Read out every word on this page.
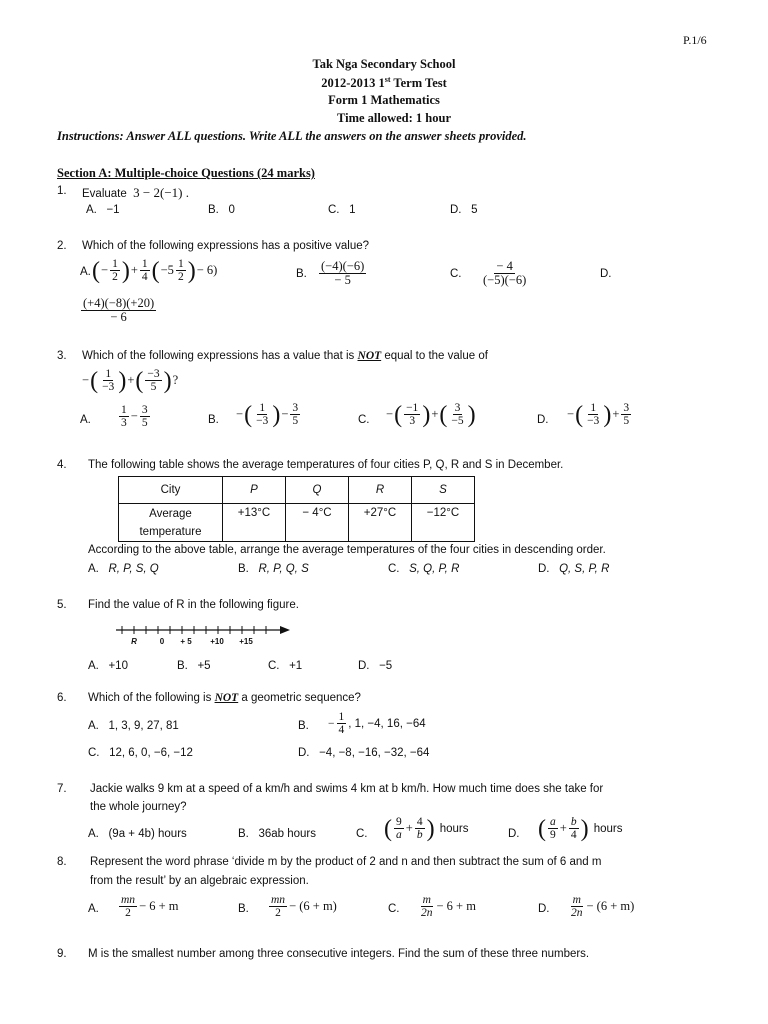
P.1/6
Tak Nga Secondary School
2012-2013 1st Term Test
Form 1 Mathematics
Time allowed: 1 hour
Instructions: Answer ALL questions. Write ALL the answers on the answer sheets provided.
Section A: Multiple-choice Questions (24 marks)
1. Evaluate 3 − 2(−1) .
A. −1	B. 0	C. 1	D. 5
2. Which of the following expressions has a positive value?
A. ( − $\frac{1}{2}$ ) + $\frac{1}{4}$ ( $-5 \frac{1}{2}$ ) − 6)	B. $\frac{(-4)(-6)}{- 5}$	C. $\frac{- 4}{(-5)(-6)}$	D.
$\frac{(+4)(-8)(+20)}{- 6}$
3. Which of the following expressions has a value that is NOT equal to the value of
− ( $\frac{1}{-3}$ ) + ( $\frac{-3}{5}$ ) ?
A. $\frac{1}{3} - \frac{3}{5}$	B. − ( $\frac{1}{-3}$ ) − $\frac{3}{5}$	C. − ( $\frac{-1}{3}$ ) + ( $\frac{3}{-5}$ )	D. − ( $\frac{1}{-3}$ ) + $\frac{3}{5}$
4. The following table shows the average temperatures of four cities P, Q, R and S in December.
City	P	Q	R	S
Average
temperature	+13°C	− 4°C	+27°C	−12°C
According to the above table, arrange the average temperatures of the four cities in descending order.
A. R, P, S, Q	B. R, P, Q, S	C. S, Q, P, R	D. Q, S, P, R
5. Find the value of R in the following figure.
R	0 + 5 +10 +15
A. +10	B. +5	C. +1	D. −5
6. Which of the following is NOT a geometric sequence?
A. 1, 3, 9, 27, 81	B. − $\frac{1}{4}$ , 1, −4, 16, −64
C. 12, 6, 0, −6, −12	D. −4, −8, −16, −32, −64
7. Jackie walks 9 km at a speed of a km/h and swims 4 km at b km/h. How much time does she take for
the whole journey?
A. (9a + 4b) hours	B. 36ab hours	C. ( $\frac{9}{a} + \frac{4}{b}$ )
hours	D. ( $\frac{a}{9} + \frac{b}{4}$ )
hours
8. Represent the word phrase ‘divide m by the product of 2 and n and then subtract the sum of 6 and m
from the result’ by an algebraic expression.
A. $\frac{mn}{2} - 6 + m$	B. $\frac{mn}{2} - (6 + m)$	C. $\frac{m}{2n} - 6 + m$	D. $\frac{m}{2n} - (6 + m)$
9. M is the smallest number among three consecutive integers. Find the sum of these three numbers.
